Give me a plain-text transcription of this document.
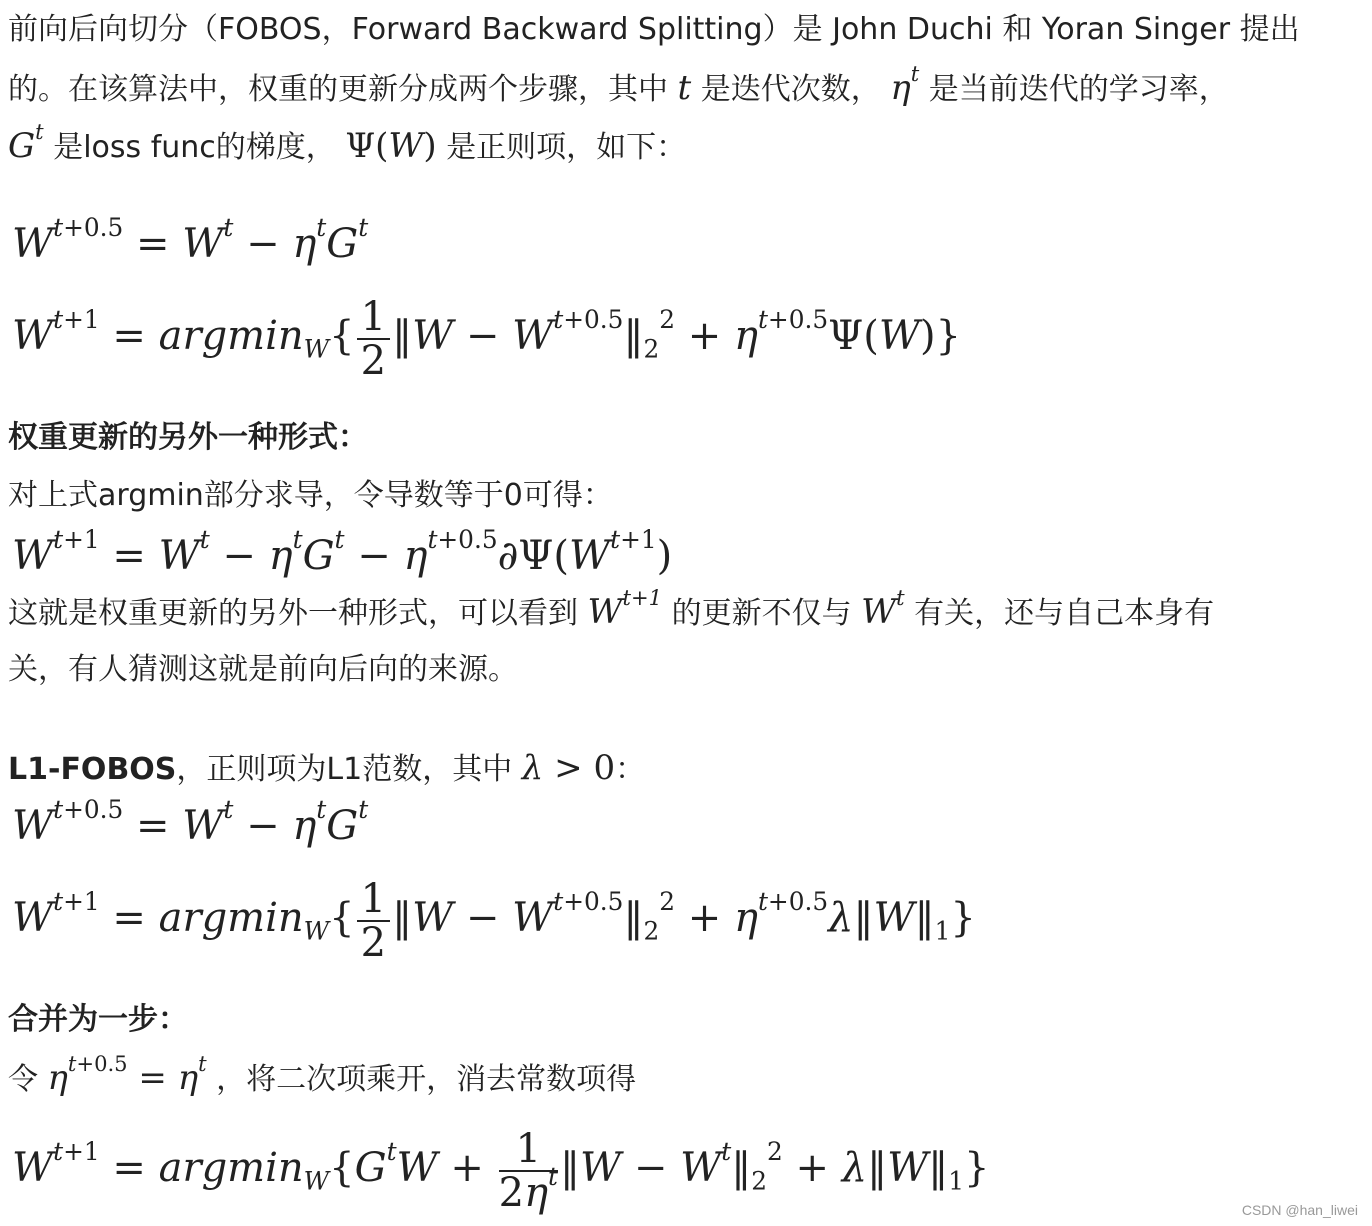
前向后向切分（FOBOS，Forward Backward Splitting）是 John Duchi 和 Yoran Singer 提出
的。在该算法中，权重的更新分成两个步骤，其中 t 是迭代次数， $\eta^t$ 是当前迭代的学习率，
$G^t$ 是loss func的梯度， Ψ(W) 是正则项，如下：
$W^{t+0.5} = W^t - \eta^tG^t$
$W^{t+1} = argmin_W\{ \frac{1}{2}$ ‖W − $W^{t+0.5}‖_2^2 + \eta^{t+0.5}\Psi(W)$}
权重更新的另外一种形式：
对上式argmin部分求导，令导数等于0可得：
$W^{t+1} = W^t - \eta^tG^t - \eta^{t+0.5}\partial\Psi(W^{t+1})$
这就是权重更新的另外一种形式，可以看到 $W^{t+1}$ 的更新不仅与 $W^t$ 有关，还与自己本身有
关，有人猜测这就是前向后向的来源。
L1-FOBOS，正则项为L1范数，其中 λ > 0：
$W^{t+0.5} = W^t - \eta^tG^t$
$W^{t+1} = argmin_W\{ \frac{1}{2}$ ‖W − $W^{t+0.5}‖_2^2$ + $\eta^{t+0.5}\lambda‖W‖_1$}
合并为一步：
令 $\eta^{t+0.5} = \eta^t$ ，将二次项乘开，消去常数项得
$W^{t+1} = argmin_W\{G^tW + \frac{1}{2\eta^t}$ ‖W − $W^t‖_2^2$ + $\lambda‖W‖_1$}
CSDN @han_liwei
